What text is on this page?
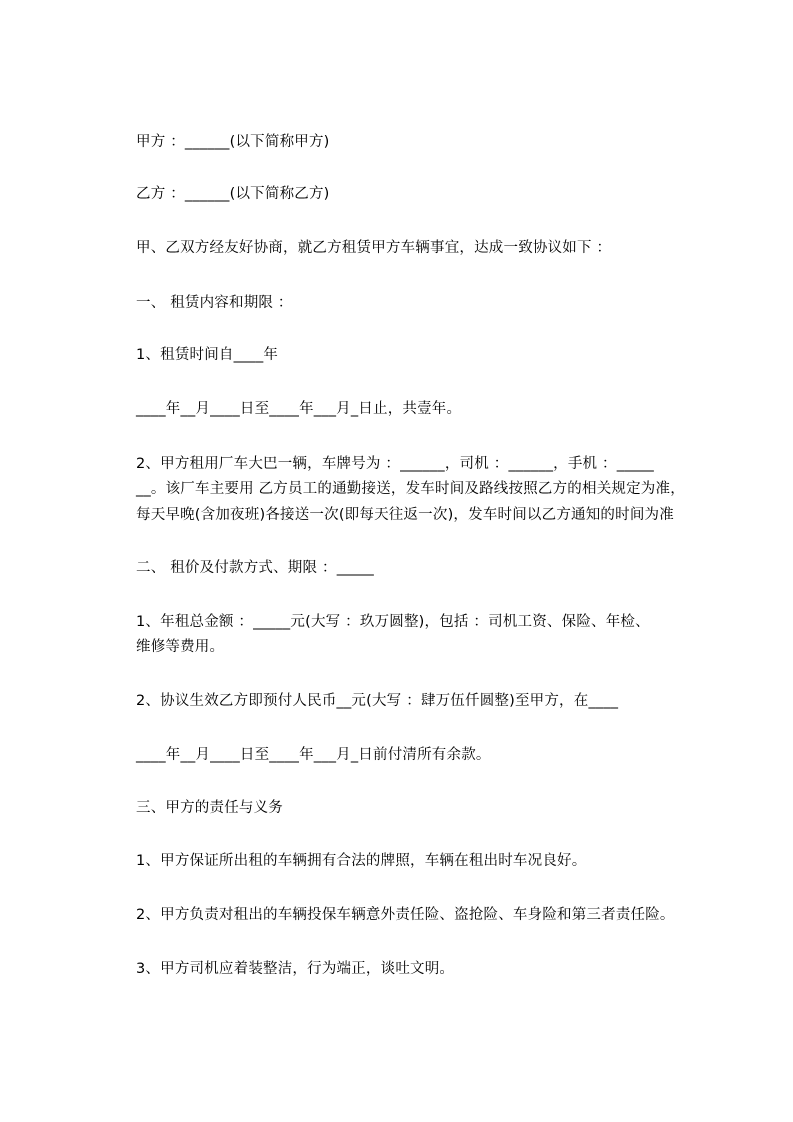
甲方 ：______(以下简称甲方)
乙方 ：______(以下简称乙方)
甲、乙双方经友好协商，就乙方租赁甲方车辆事宜，达成一致协议如下 ：
一、 租赁内容和期限 ：
1、租赁时间自____年
____年__月____日至____年___月_日止，共壹年。
2、甲方租用厂车大巴一辆，车牌号为 ：______，司机 ：______，手机 ：_____
__。该厂车主要用 乙方员工的通勤接送，发车时间及路线按照乙方的相关规定为准，
每天早晚(含加夜班)各接送一次(即每天往返一次)，发车时间以乙方通知的时间为准
二、 租价及付款方式、期限 ：_____
1、年租总金额 ：_____元(大写 ：玖万圆整)，包括 ：司机工资、保险、年检、
维修等费用。
2、协议生效乙方即预付人民币__元(大写 ：肆万伍仟圆整)至甲方，在____
____年__月____日至____年___月_日前付清所有余款。
三、甲方的责任与义务
1、甲方保证所出租的车辆拥有合法的牌照，车辆在租出时车况良好。
2、甲方负责对租出的车辆投保车辆意外责任险、盗抢险、车身险和第三者责任险。
3、甲方司机应着装整洁，行为端正，谈吐文明。
